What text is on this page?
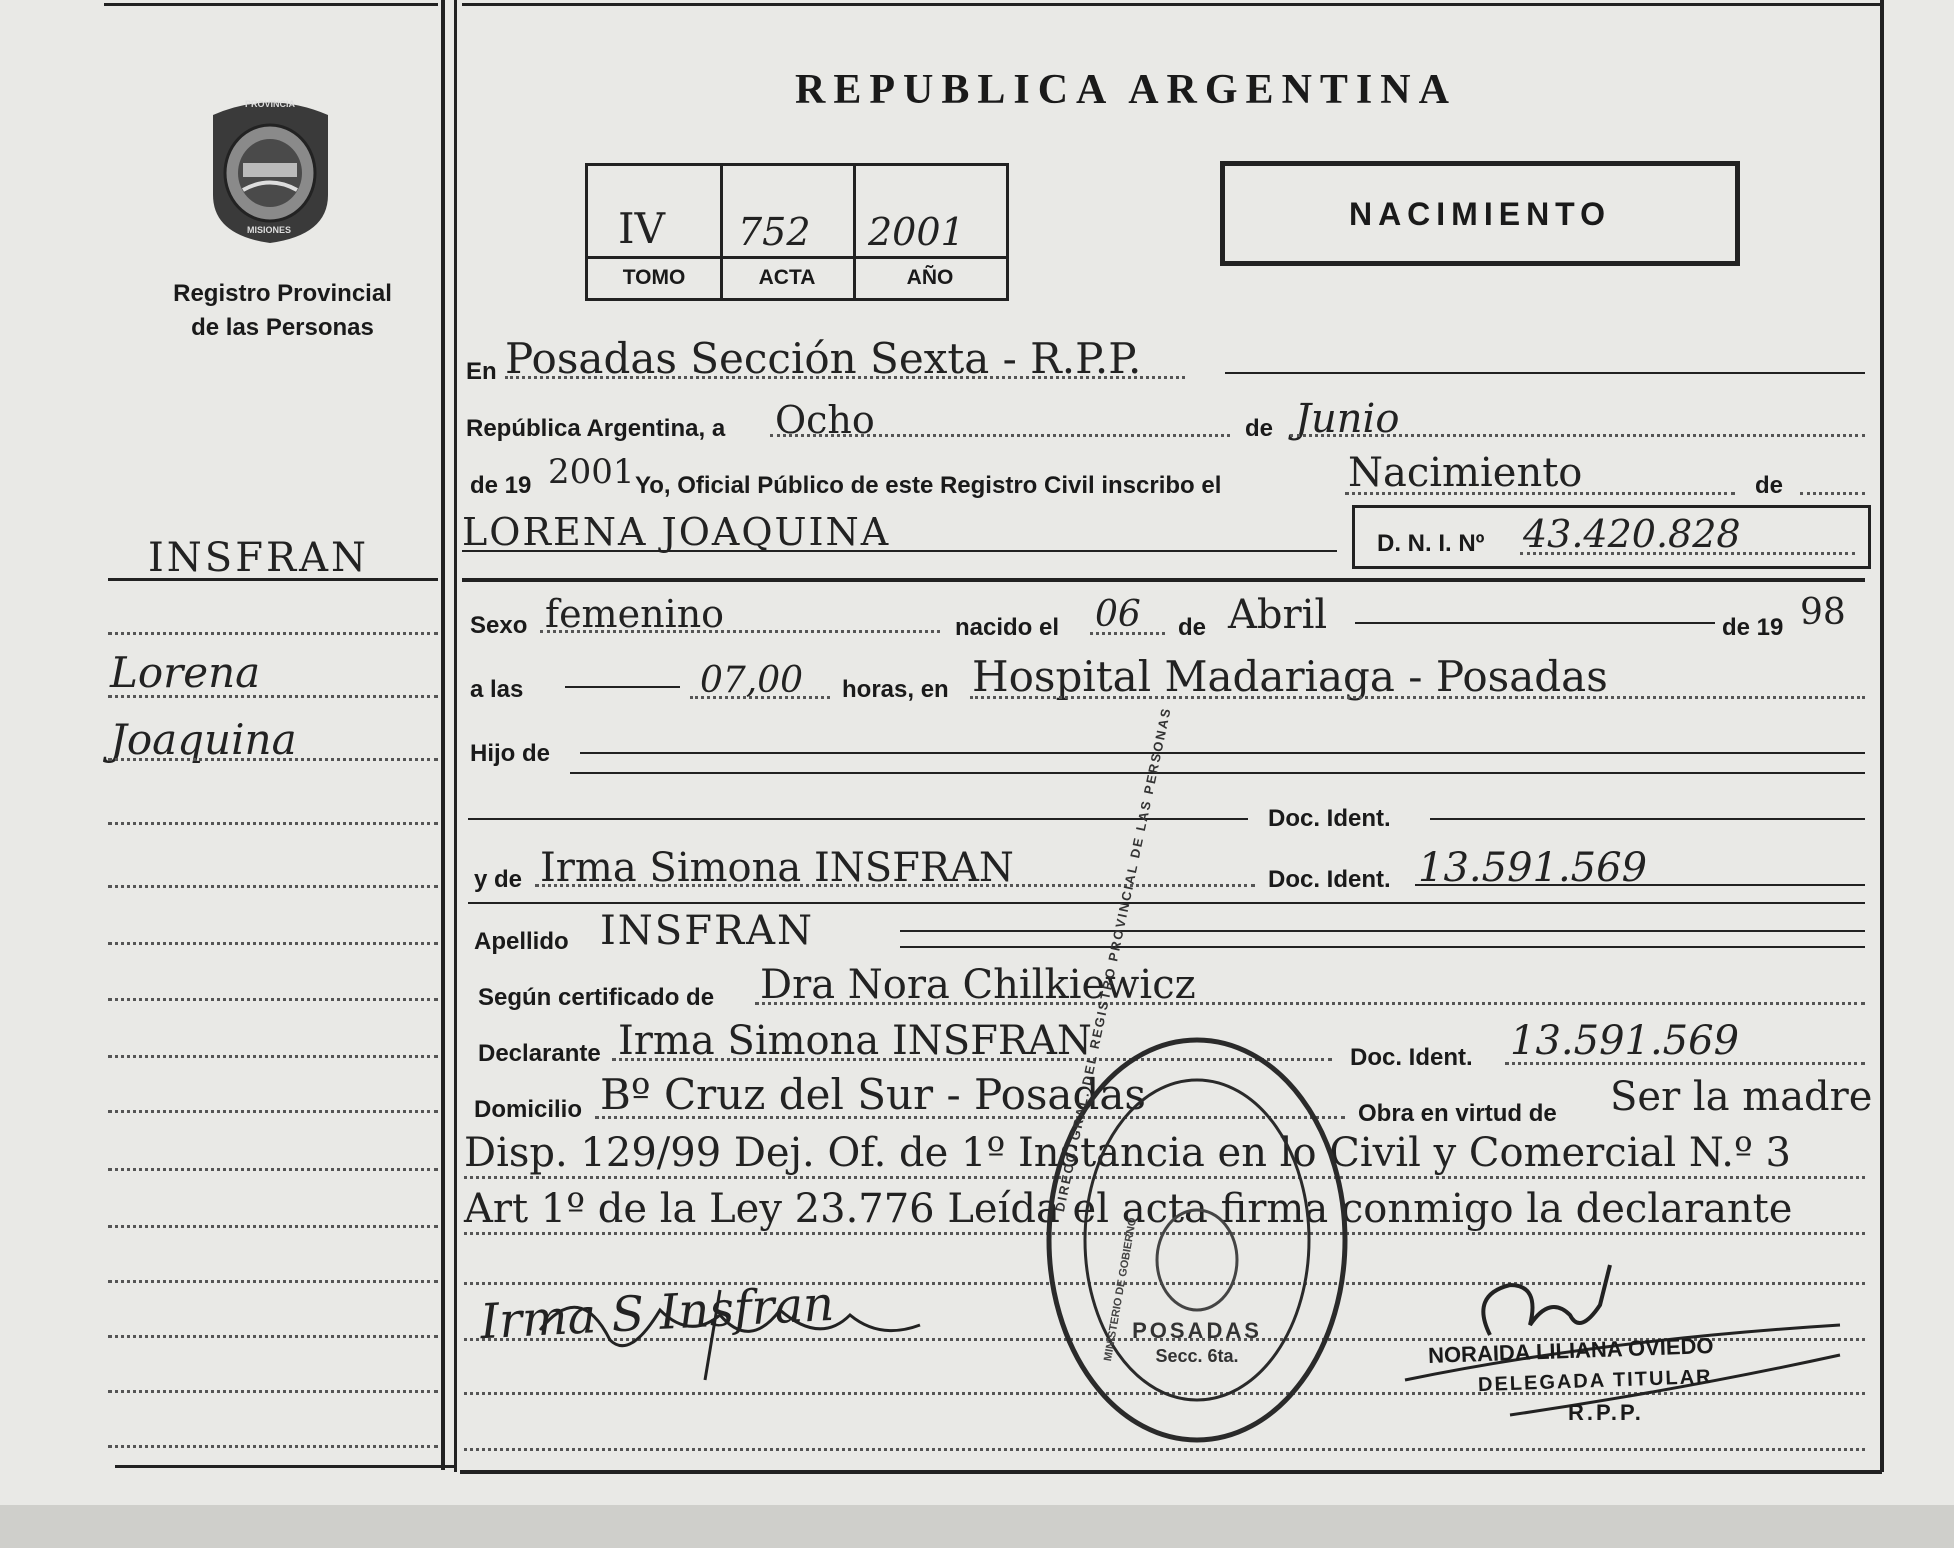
PROVINCIA
MISIONES
Registro Provincial
de las Personas
INSFRAN
Lorena
Joaquina
REPUBLICA ARGENTINA
IV	752	2001
TOMO	ACTA	AÑO
NACIMIENTO
En Posadas Sección Sexta - R.P.P.
República Argentina, a Ocho	de Junio
de 19 2001 Yo, Oficial Público de este Registro Civil inscribo el	Nacimiento	de
LORENA JOAQUINA	D. N. I. Nº 43.420.828
Sexo femenino	nacido el 06 de Abril	de 19 98
a las	07,00 horas, en Hospital Madariaga - Posadas
Hijo de
Doc. Ident.
y de Irma Simona INSFRAN	Doc. Ident. 13.591.569
Apellido INSFRAN
Según certificado de Dra Nora Chilkiewicz
Declarante Irma Simona INSFRAN	Doc. Ident. 13.591.569
Domicilio Bº Cruz del Sur - Posadas	Obra en virtud de Ser la madre
Disp. 129/99 Dej. Of. de 1º Instancia en lo Civil y Comercial N.º 3
Art 1º de la Ley 23.776 Leída el acta firma conmigo la declarante
Irma S Insfran
DIRECC. GRAL. DEL REGISTRO PROVINCIAL DE LAS PERSONAS
MINISTERIO DE GOBIERNO
POSADAS
Secc. 6ta.	NORAIDA LILIANA OVIEDO
DELEGADA TITULAR
R.P.P.
